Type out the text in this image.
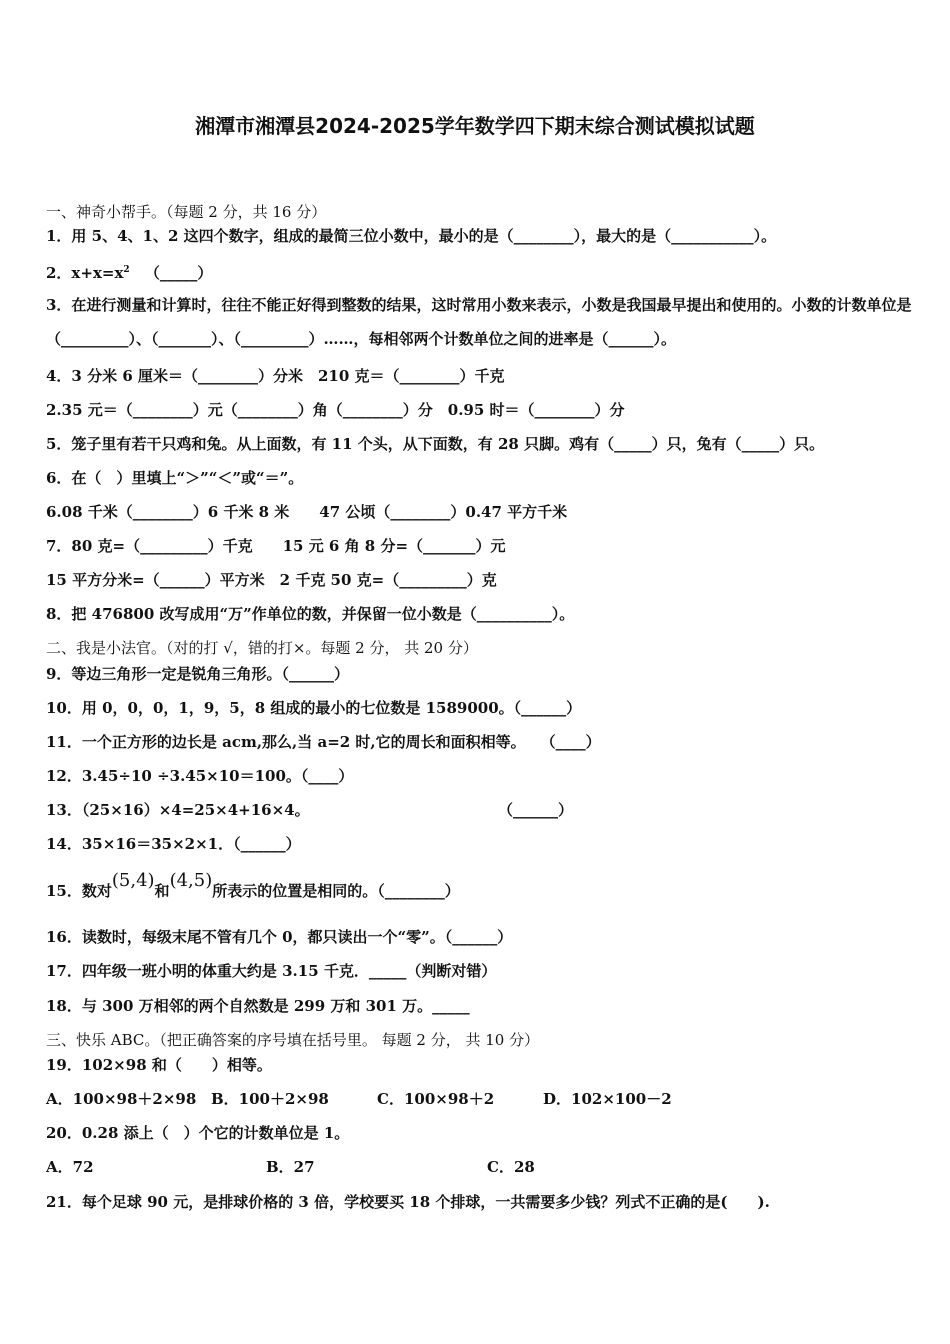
湘潭市湘潭县2024-2025学年数学四下期末综合测试模拟试题
一、神奇小帮手。（每题 2 分，共 16 分）
1．用 5、4、1、2 这四个数字，组成的最简三位小数中，最小的是（________），最大的是（___________）。
2．$x+x=x^2$ （_____）
3．在进行测量和计算时，往往不能正好得到整数的结果，这时常用小数来表示，小数是我国最早提出和使用的。小数的计数单位是（_________）、（_______）、（_________）……，每相邻两个计数单位之间的进率是（______）。
4．3 分米 6 厘米＝（________）分米　210 克＝（________）千克
2.35 元＝（________）元（________）角（________）分　0.95 时＝（________）分
5．笼子里有若干只鸡和兔。从上面数，有 11 个头，从下面数，有 28 只脚。鸡有（_____）只，兔有（_____）只。
6．在（　）里填上“＞”“＜”或“＝”。
6.08 千米（________）6 千米 8 米　　47 公顷（________）0.47 平方千米
7．80 克=（_________）千克　　15 元 6 角 8 分=（_______）元
15 平方分米=（______）平方米　2 千克 50 克=（_________）克
8．把 476800 改写成用“万”作单位的数，并保留一位小数是（__________）。
二、我是小法官。（对的打 √，错的打×。每题 2 分， 共 20 分）
9．等边三角形一定是锐角三角形。（______）
10．用 0，0，0，1，9，5，8 组成的最小的七位数是 1589000。（______）
11．一个正方形的边长是 acm,那么,当 a=2 时,它的周长和面积相等。　　（____）
12．3.45÷10 ÷3.45×10＝100。（____）
13．（25×16）×4=25×4+16×4。	（______）
14．35×16＝35×2×1．（______）
15．数对(5,4)和(4,5)所表示的位置是相同的。（________）
16．读数时，每级末尾不管有几个 0，都只读出一个“零”。（______）
17．四年级一班小明的体重大约是 3.15 千克．_____（判断对错）
18．与 300 万相邻的两个自然数是 299 万和 301 万。_____
三、快乐 ABC。（把正确答案的序号填在括号里。 每题 2 分， 共 10 分）
19．102×98 和（　　）相等。
A．100×98＋2×98 B．100＋2×98	C．100×98＋2	D．102×100－2
20．0.28 添上（　）个它的计数单位是 1。
A．72	B．27	C．28
21．每个足球 90 元，是排球价格的 3 倍，学校要买 18 个排球，一共需要多少钱？列式不正确的是(　　).
